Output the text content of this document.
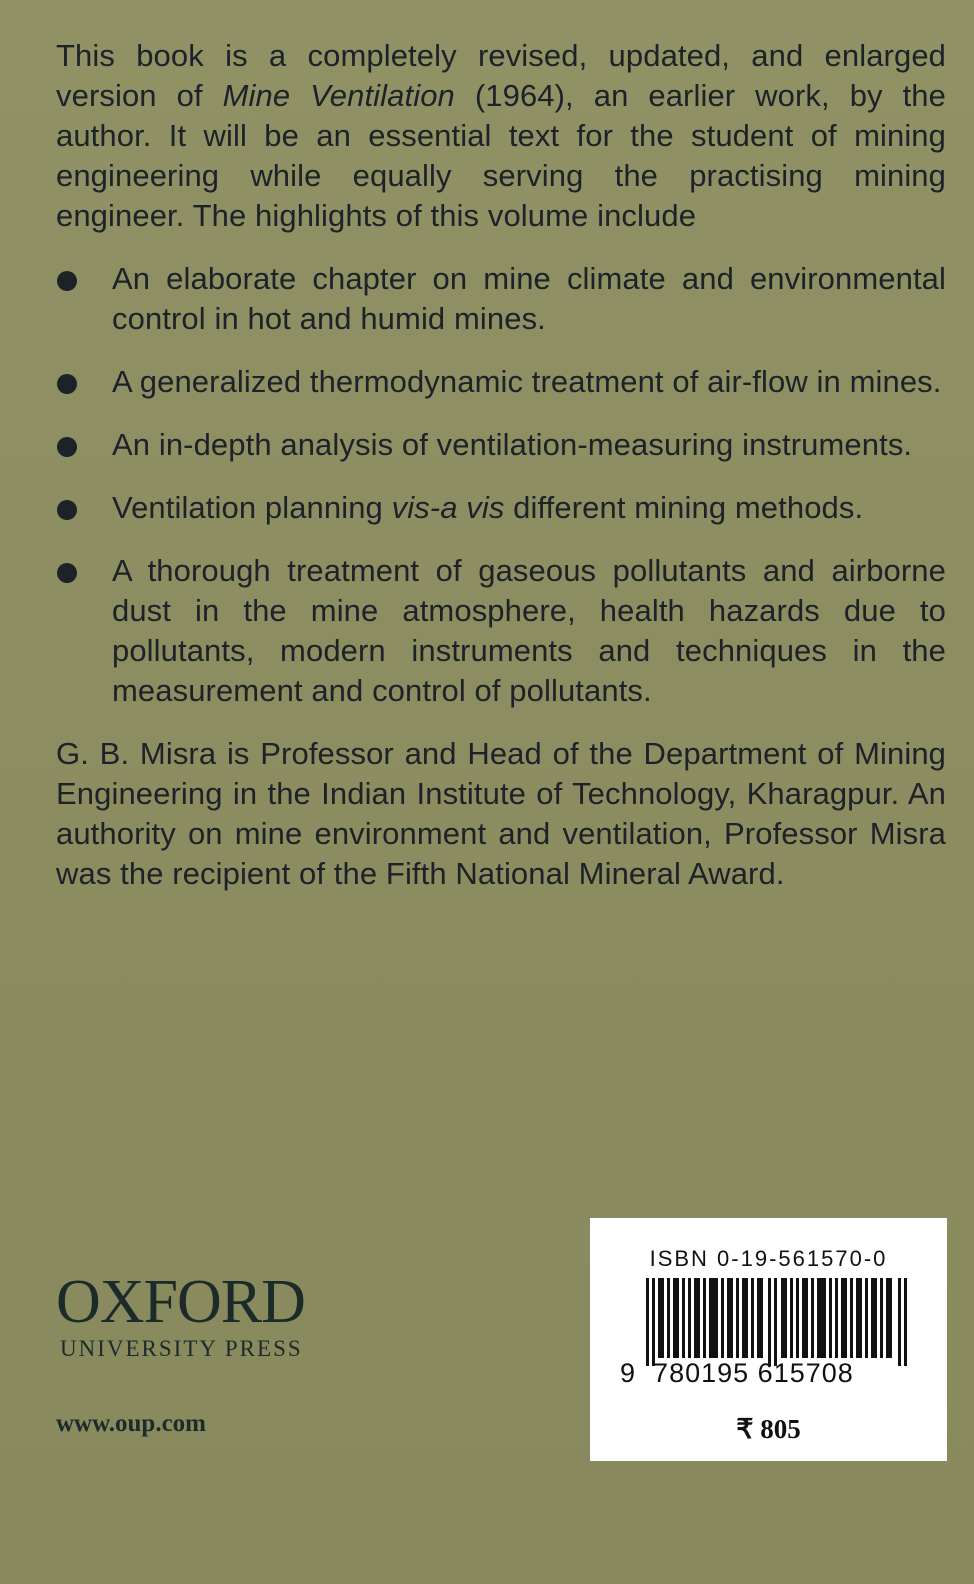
This book is a completely revised, updated, and enlarged version of Mine Ventilation (1964), an earlier work, by the author. It will be an essential text for the student of mining engineering while equally serving the practising mining engineer. The highlights of this volume include

An elaborate chapter on mine climate and environmental control in hot and humid mines.
A generalized thermodynamic treatment of air-flow in mines.
An in-depth analysis of ventilation-measuring instruments.
Ventilation planning vis-a vis different mining methods.
A thorough treatment of gaseous pollutants and airborne dust in the mine atmosphere, health hazards due to pollutants, modern instruments and techniques in the measurement and control of pollutants.

G. B. Misra is Professor and Head of the Department of Mining Engineering in the Indian Institute of Technology, Kharagpur. An authority on mine environment and ventilation, Professor Misra was the recipient of the Fifth National Mineral Award.

OXFORD
UNIVERSITY PRESS
www.oup.com
ISBN 0-19-561570-0
9 780195 615708
₹ 805
